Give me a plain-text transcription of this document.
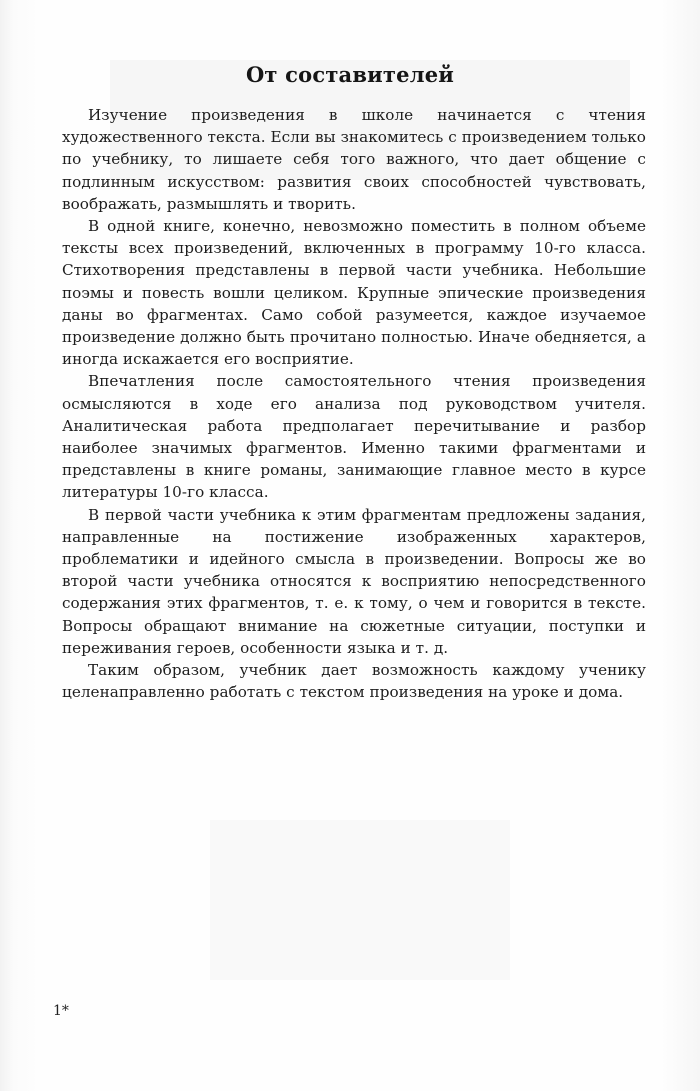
От составителей

Изучение произведения в школе начинается с чтения художественного текста. Если вы знакомитесь с произведением только по учебнику, то лишаете себя того важного, что дает общение с подлинным искусством: развития своих способностей чувствовать, воображать, размышлять и творить.

В одной книге, конечно, невозможно поместить в полном объеме тексты всех произведений, включенных в программу 10-го класса. Стихотворения представлены в первой части учебника. Небольшие поэмы и повесть вошли целиком. Крупные эпические произведения даны во фрагментах. Само собой разумеется, каждое изучаемое произведение должно быть прочитано полностью. Иначе обедняется, а иногда искажается его восприятие.

Впечатления после самостоятельного чтения произведения осмысляются в ходе его анализа под руководством учителя. Аналитическая работа предполагает перечитывание и разбор наиболее значимых фрагментов. Именно такими фрагментами и представлены в книге романы, занимающие главное место в курсе литературы 10-го класса.

В первой части учебника к этим фрагментам предложены задания, направленные на постижение изображенных характеров, проблематики и идейного смысла в произведении. Вопросы же во второй части учебника относятся к восприятию непосредственного содержания этих фрагментов, т. е. к тому, о чем и говорится в тексте. Вопросы обращают внимание на сюжетные ситуации, поступки и переживания героев, особенности языка и т. д.

Таким образом, учебник дает возможность каждому ученику целенаправленно работать с текстом произведения на уроке и дома.

1*
